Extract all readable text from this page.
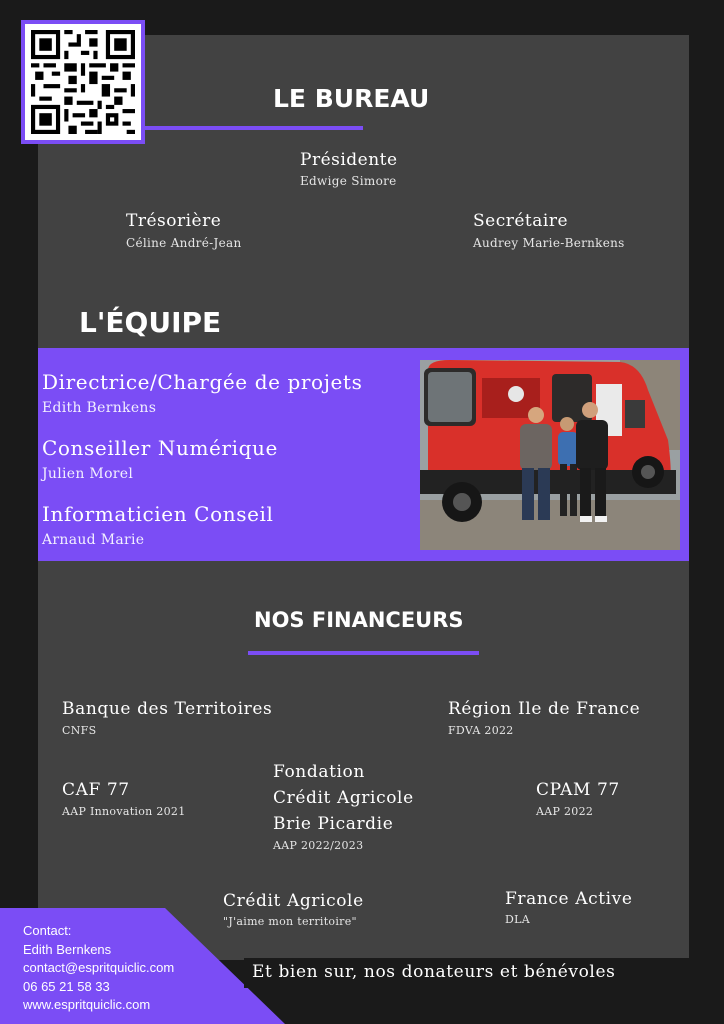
LE BUREAU
Présidente
Edwige Simore
Trésorière
Céline André-Jean
Secrétaire
Audrey Marie-Bernkens
L'ÉQUIPE
Directrice/Chargée de projets
Edith Bernkens
Conseiller Numérique
Julien Morel
Informaticien Conseil
Arnaud Marie
NOS FINANCEURS
Banque des Territoires
CNFS
Région Ile de France
FDVA 2022
CAF 77
AAP Innovation 2021
Fondation
Crédit Agricole
Brie Picardie
AAP 2022/2023
CPAM 77
AAP 2022
Crédit Agricole
"J'aime mon territoire"
France Active
DLA
Contact:
Edith Bernkens
contact@espritquiclic.com
06 65 21 58 33
www.espritquiclic.com
Et bien sur, nos donateurs et bénévoles
